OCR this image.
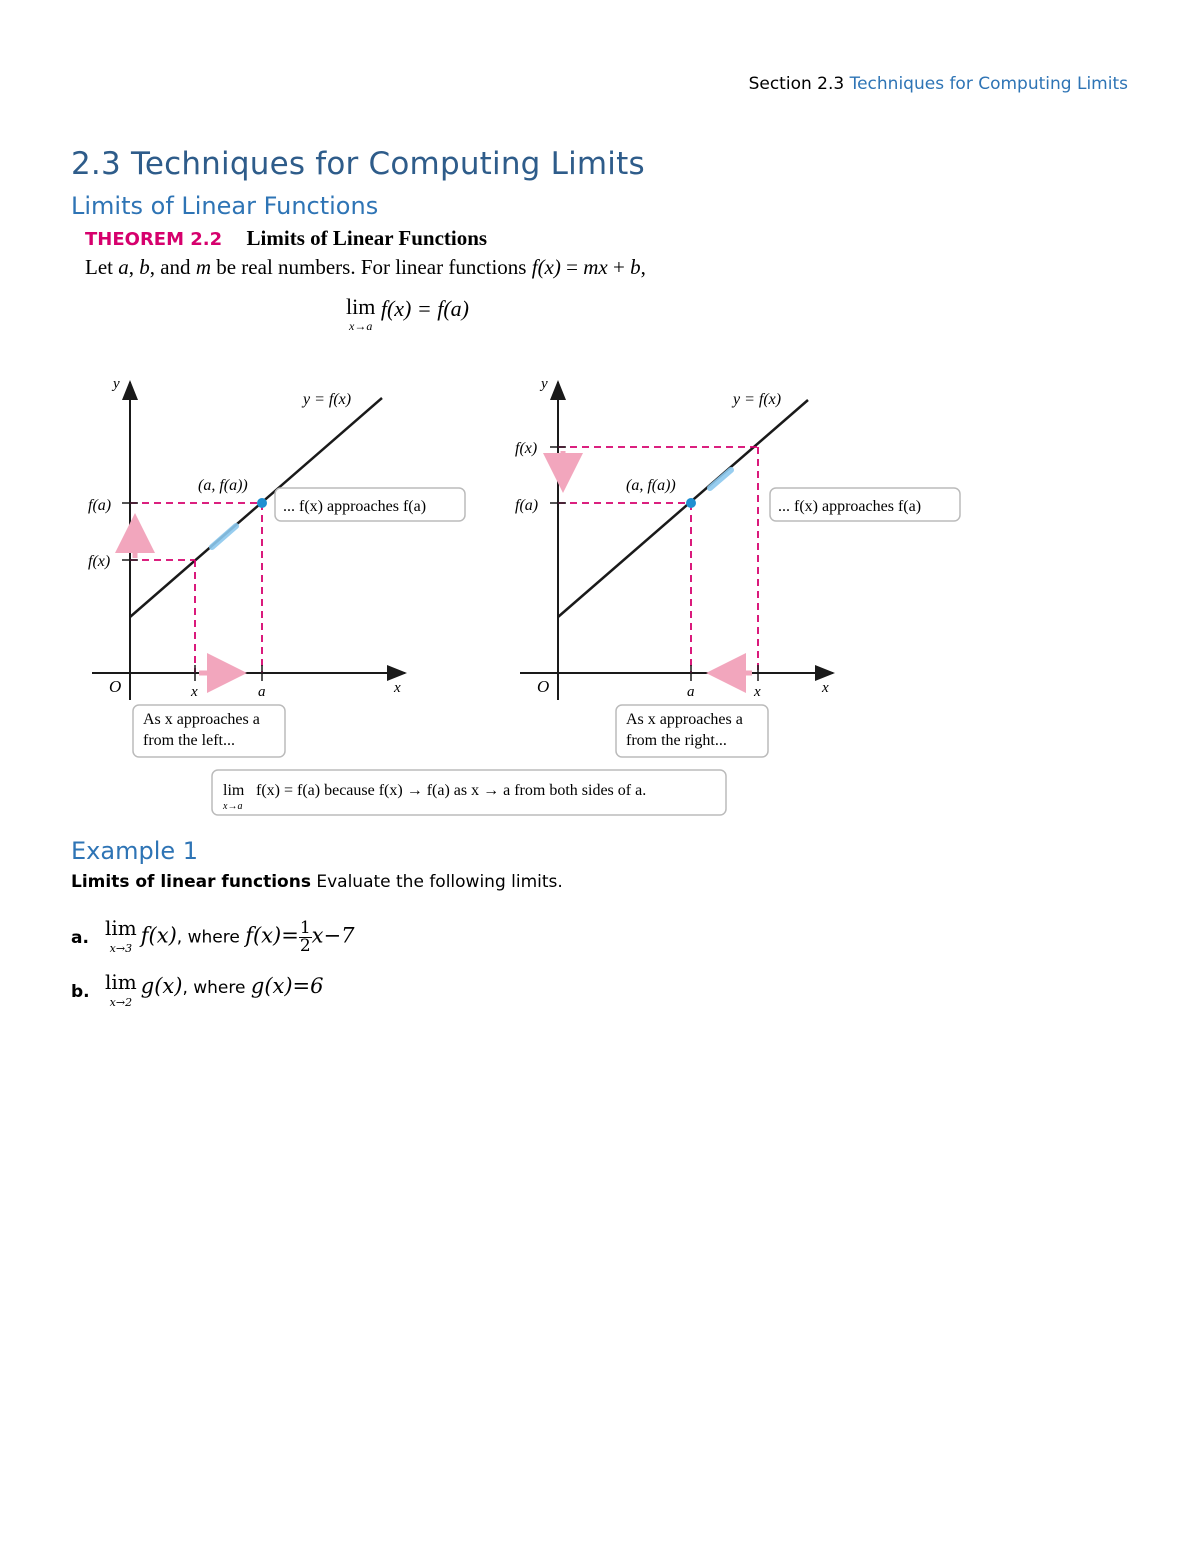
Section 2.3 Techniques for Computing Limits
2.3 Techniques for Computing Limits
Limits of Linear Functions
THEOREM 2.2 Limits of Linear Functions
Let a, b, and m be real numbers. For linear functions f(x) = mx + b,
lim
x→a
f(x) = f(a)
y
x
O
y = f(x)
f(a)
f(x)
x	a
(a, f(a))
... f(x) approaches f(a)
As x approaches a
from the left...
y
x
O
y = f(x)
f(x)
f(a)
a	x
(a, f(a))
... f(x) approaches f(a)
As x approaches a
from the right...
lim
x→a
f(x) = f(a) because f(x) → f(a) as x → a from both sides of a.
Example 1
Limits of linear functions Evaluate the following limits.
a. lim
x→3
f(x), where $f(x)= \frac{1}{2} x-7$
b. lim
x→2
g(x), where g(x)=6
